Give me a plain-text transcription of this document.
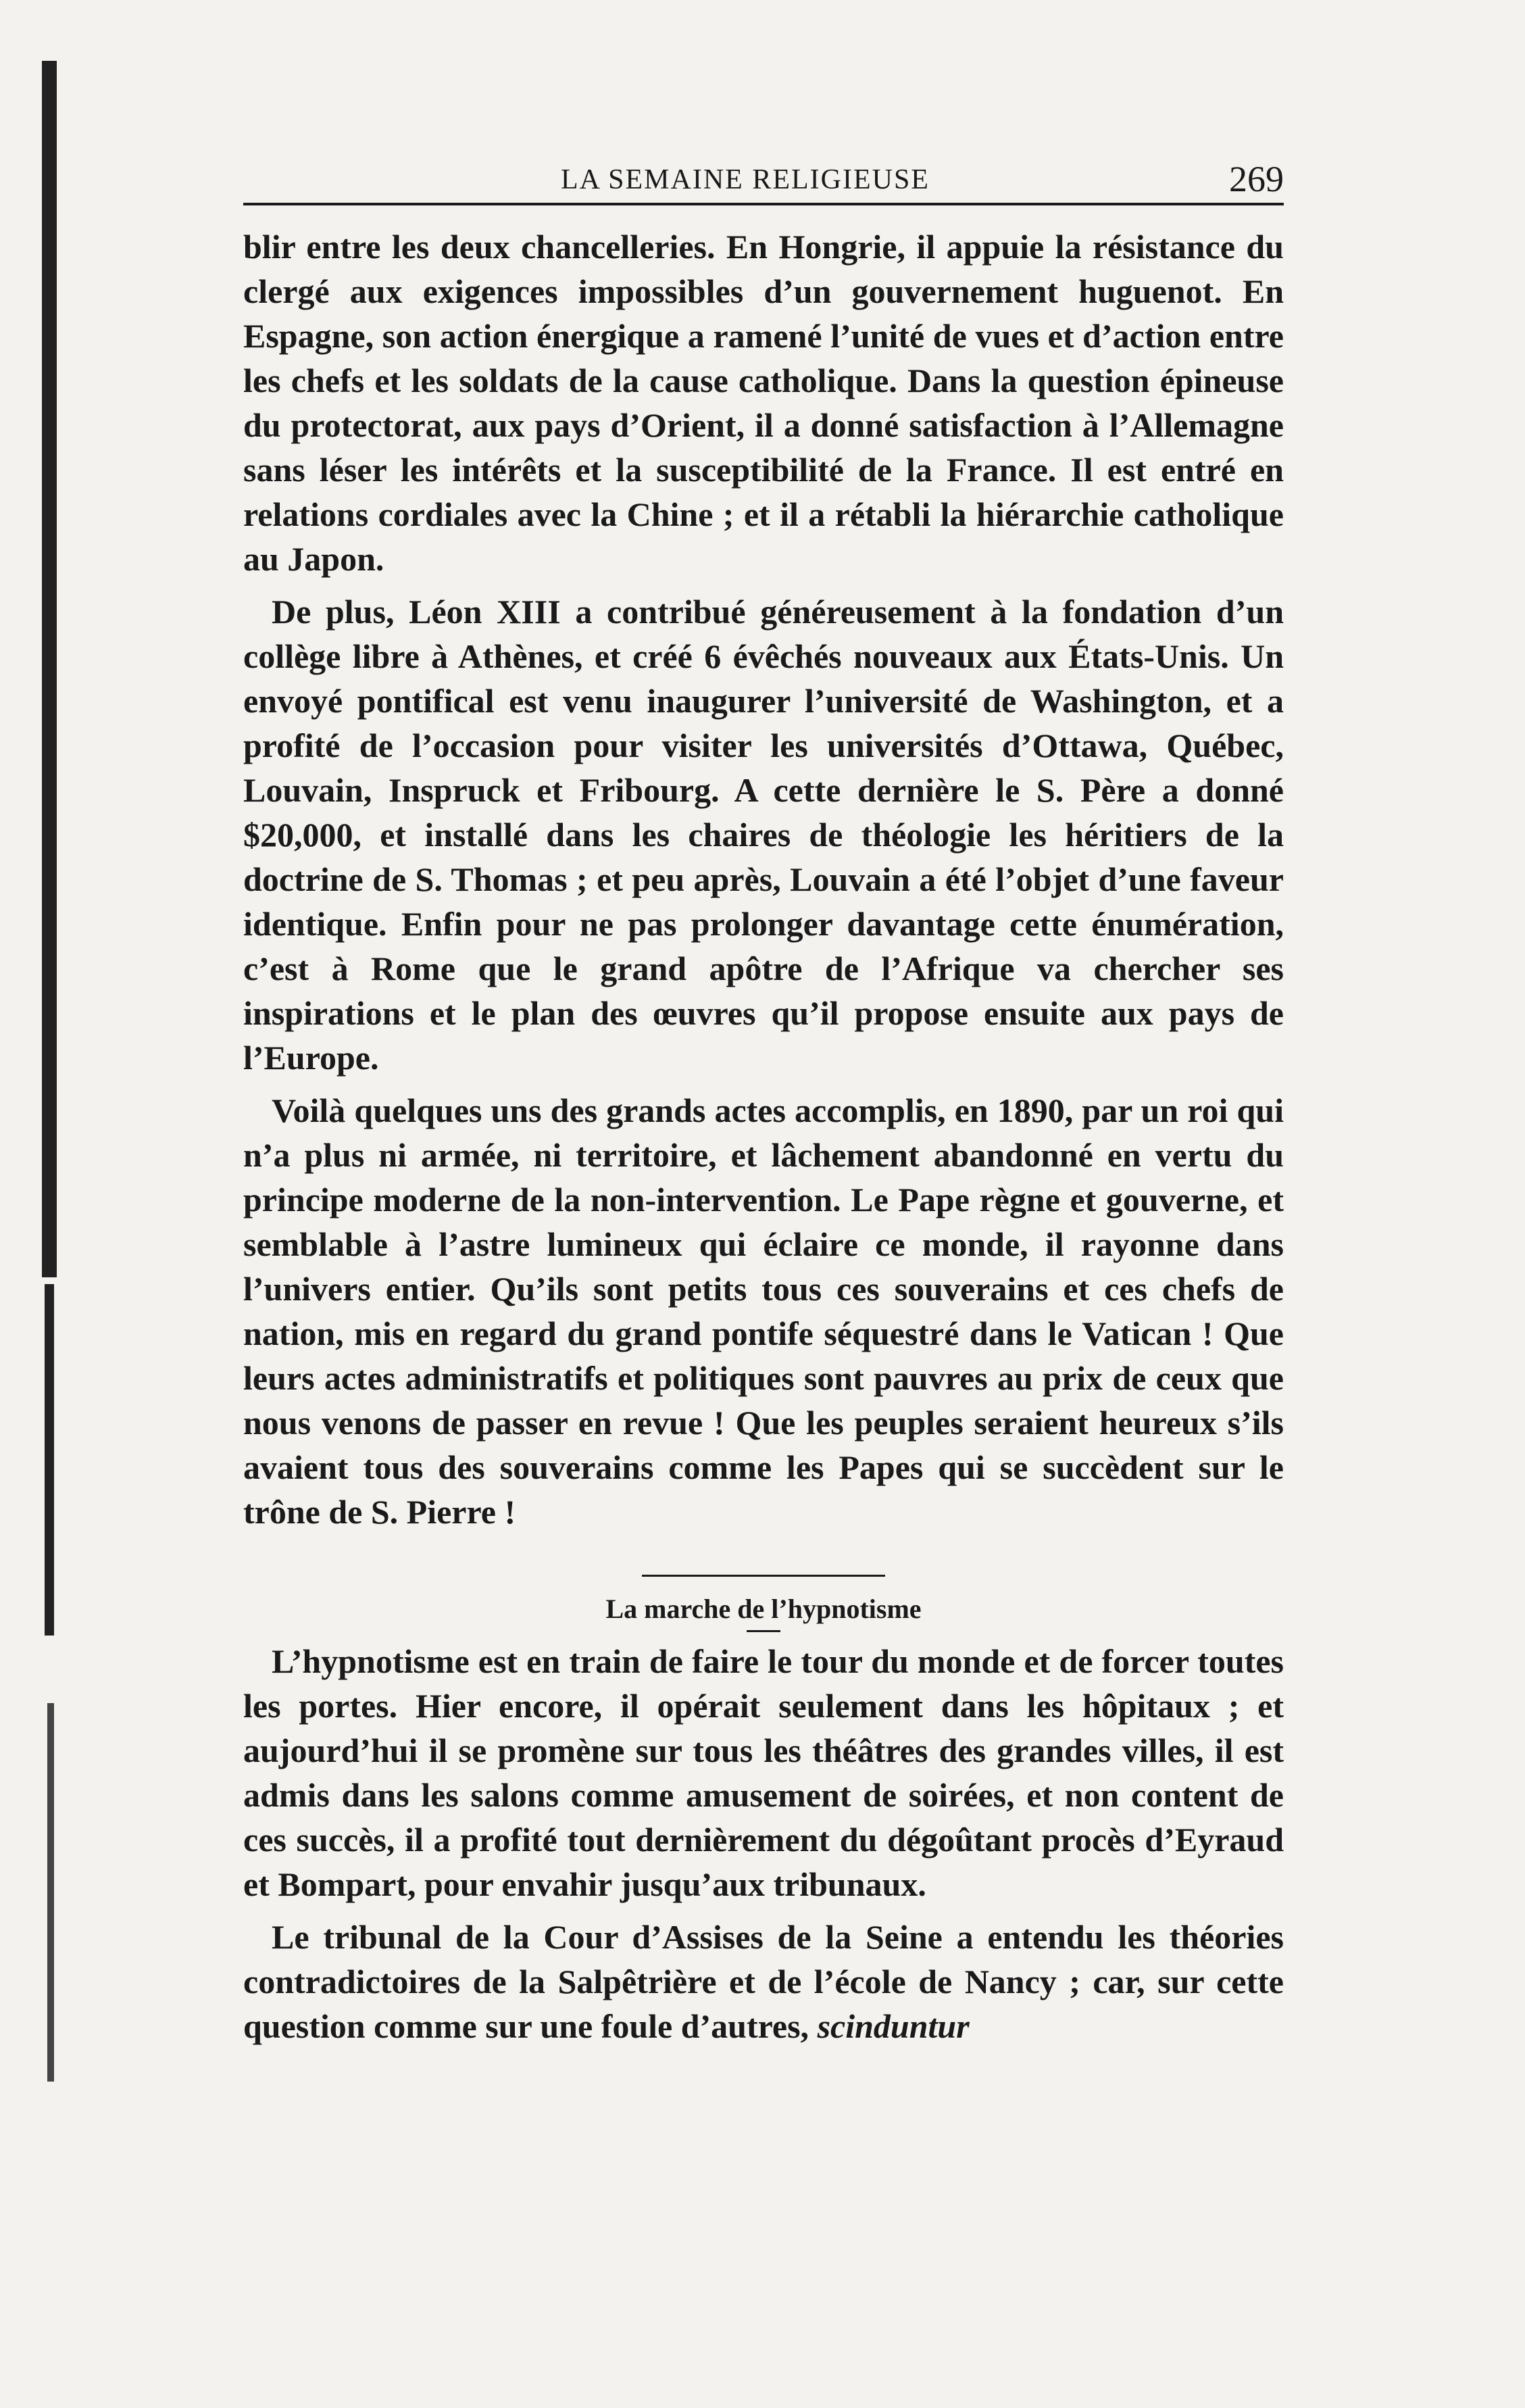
LA SEMAINE RELIGIEUSE	269

blir entre les deux chancelleries. En Hongrie, il appuie la résistance du clergé aux exigences impossibles d’un gouvernement huguenot. En Espagne, son action énergique a ramené l’unité de vues et d’action entre les chefs et les soldats de la cause catholique. Dans la question épineuse du protectorat, aux pays d’Orient, il a donné satisfaction à l’Allemagne sans léser les intérêts et la susceptibilité de la France. Il est entré en relations cordiales avec la Chine ; et il a rétabli la hiérarchie catholique au Japon.

De plus, Léon XIII a contribué généreusement à la fondation d’un collège libre à Athènes, et créé 6 évêchés nouveaux aux États-Unis. Un envoyé pontifical est venu inaugurer l’université de Washington, et a profité de l’occasion pour visiter les universités d’Ottawa, Québec, Louvain, Inspruck et Fribourg. A cette dernière le S. Père a donné $20,000, et installé dans les chaires de théologie les héritiers de la doctrine de S. Thomas ; et peu après, Louvain a été l’objet d’une faveur identique. Enfin pour ne pas prolonger davantage cette énumération, c’est à Rome que le grand apôtre de l’Afrique va chercher ses inspirations et le plan des œuvres qu’il propose ensuite aux pays de l’Europe.

Voilà quelques uns des grands actes accomplis, en 1890, par un roi qui n’a plus ni armée, ni territoire, et lâchement abandonné en vertu du principe moderne de la non-intervention. Le Pape règne et gouverne, et semblable à l’astre lumineux qui éclaire ce monde, il rayonne dans l’univers entier. Qu’ils sont petits tous ces souverains et ces chefs de nation, mis en regard du grand pontife séquestré dans le Vatican ! Que leurs actes administratifs et politiques sont pauvres au prix de ceux que nous venons de passer en revue ! Que les peuples seraient heureux s’ils avaient tous des souverains comme les Papes qui se succèdent sur le trône de S. Pierre !

La marche de l’hypnotisme

L’hypnotisme est en train de faire le tour du monde et de forcer toutes les portes. Hier encore, il opérait seulement dans les hôpitaux ; et aujourd’hui il se promène sur tous les théâtres des grandes villes, il est admis dans les salons comme amusement de soirées, et non content de ces succès, il a profité tout dernièrement du dégoûtant procès d’Eyraud et Bompart, pour envahir jusqu’aux tribunaux.

Le tribunal de la Cour d’Assises de la Seine a entendu les théories contradictoires de la Salpêtrière et de l’école de Nancy ; car, sur cette question comme sur une foule d’autres, scinduntur
